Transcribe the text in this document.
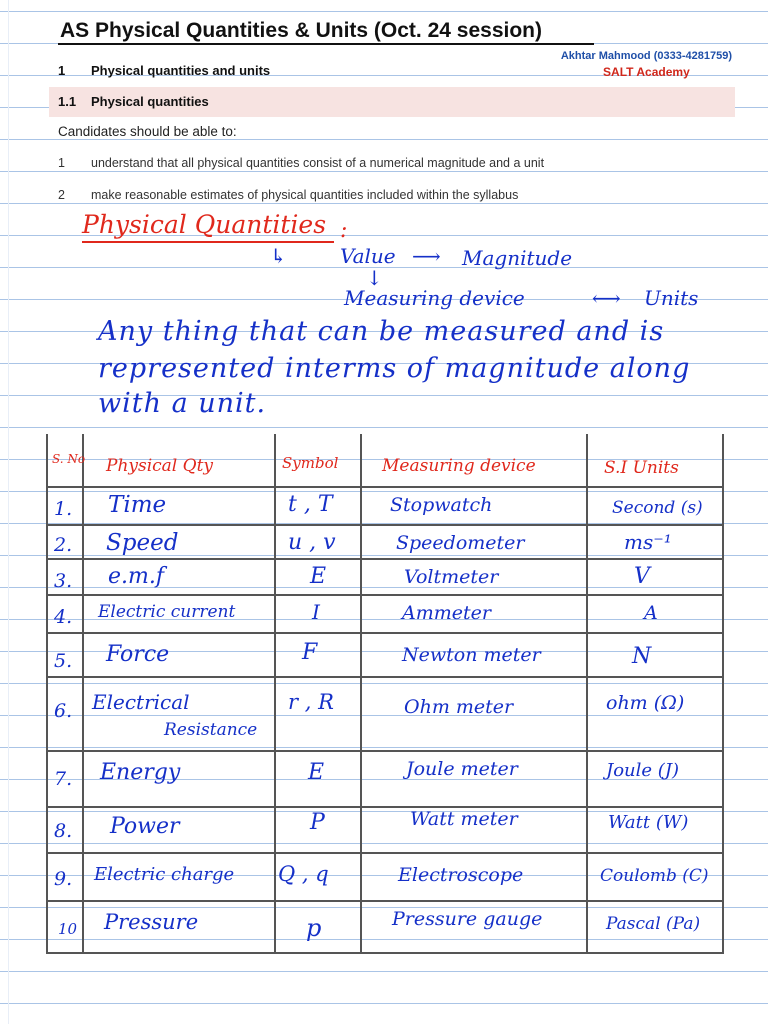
AS Physical Quantities & Units (Oct. 24 session)
Akhtar Mahmood (0333-4281759)
SALT Academy
1 Physical quantities and units
1.1 Physical quantities
Candidates should be able to:
1 understand that all physical quantities consist of a numerical magnitude and a unit
2 make reasonable estimates of physical quantities included within the syllabus
Physical Quantities :
↳	Value ⟶ Magnitude
↓
Measuring device	⟷ Units
Any thing that can be measured and is
represented interms of magnitude along
with a unit.
S. No Physical Qty	Symbol	Measuring device	S.I Units
1. Time	t , T	Stopwatch	Second (s)
2. Speed	u , v	Speedometer	ms⁻¹
3. e.m.f	E	Voltmeter	V
4. Electric current	I	Ammeter	A
5. Force	F	Newton meter	N
6. Electrical
Resistance
r , R	Ohm meter	ohm (Ω)
7. Energy	E	Joule meter	Joule (J)
8. Power	P	Watt meter	Watt (W)
9. Electric charge Q , q	Electroscope	Coulomb (C)
10 Pressure	p	Pressure gauge	Pascal (Pa)
